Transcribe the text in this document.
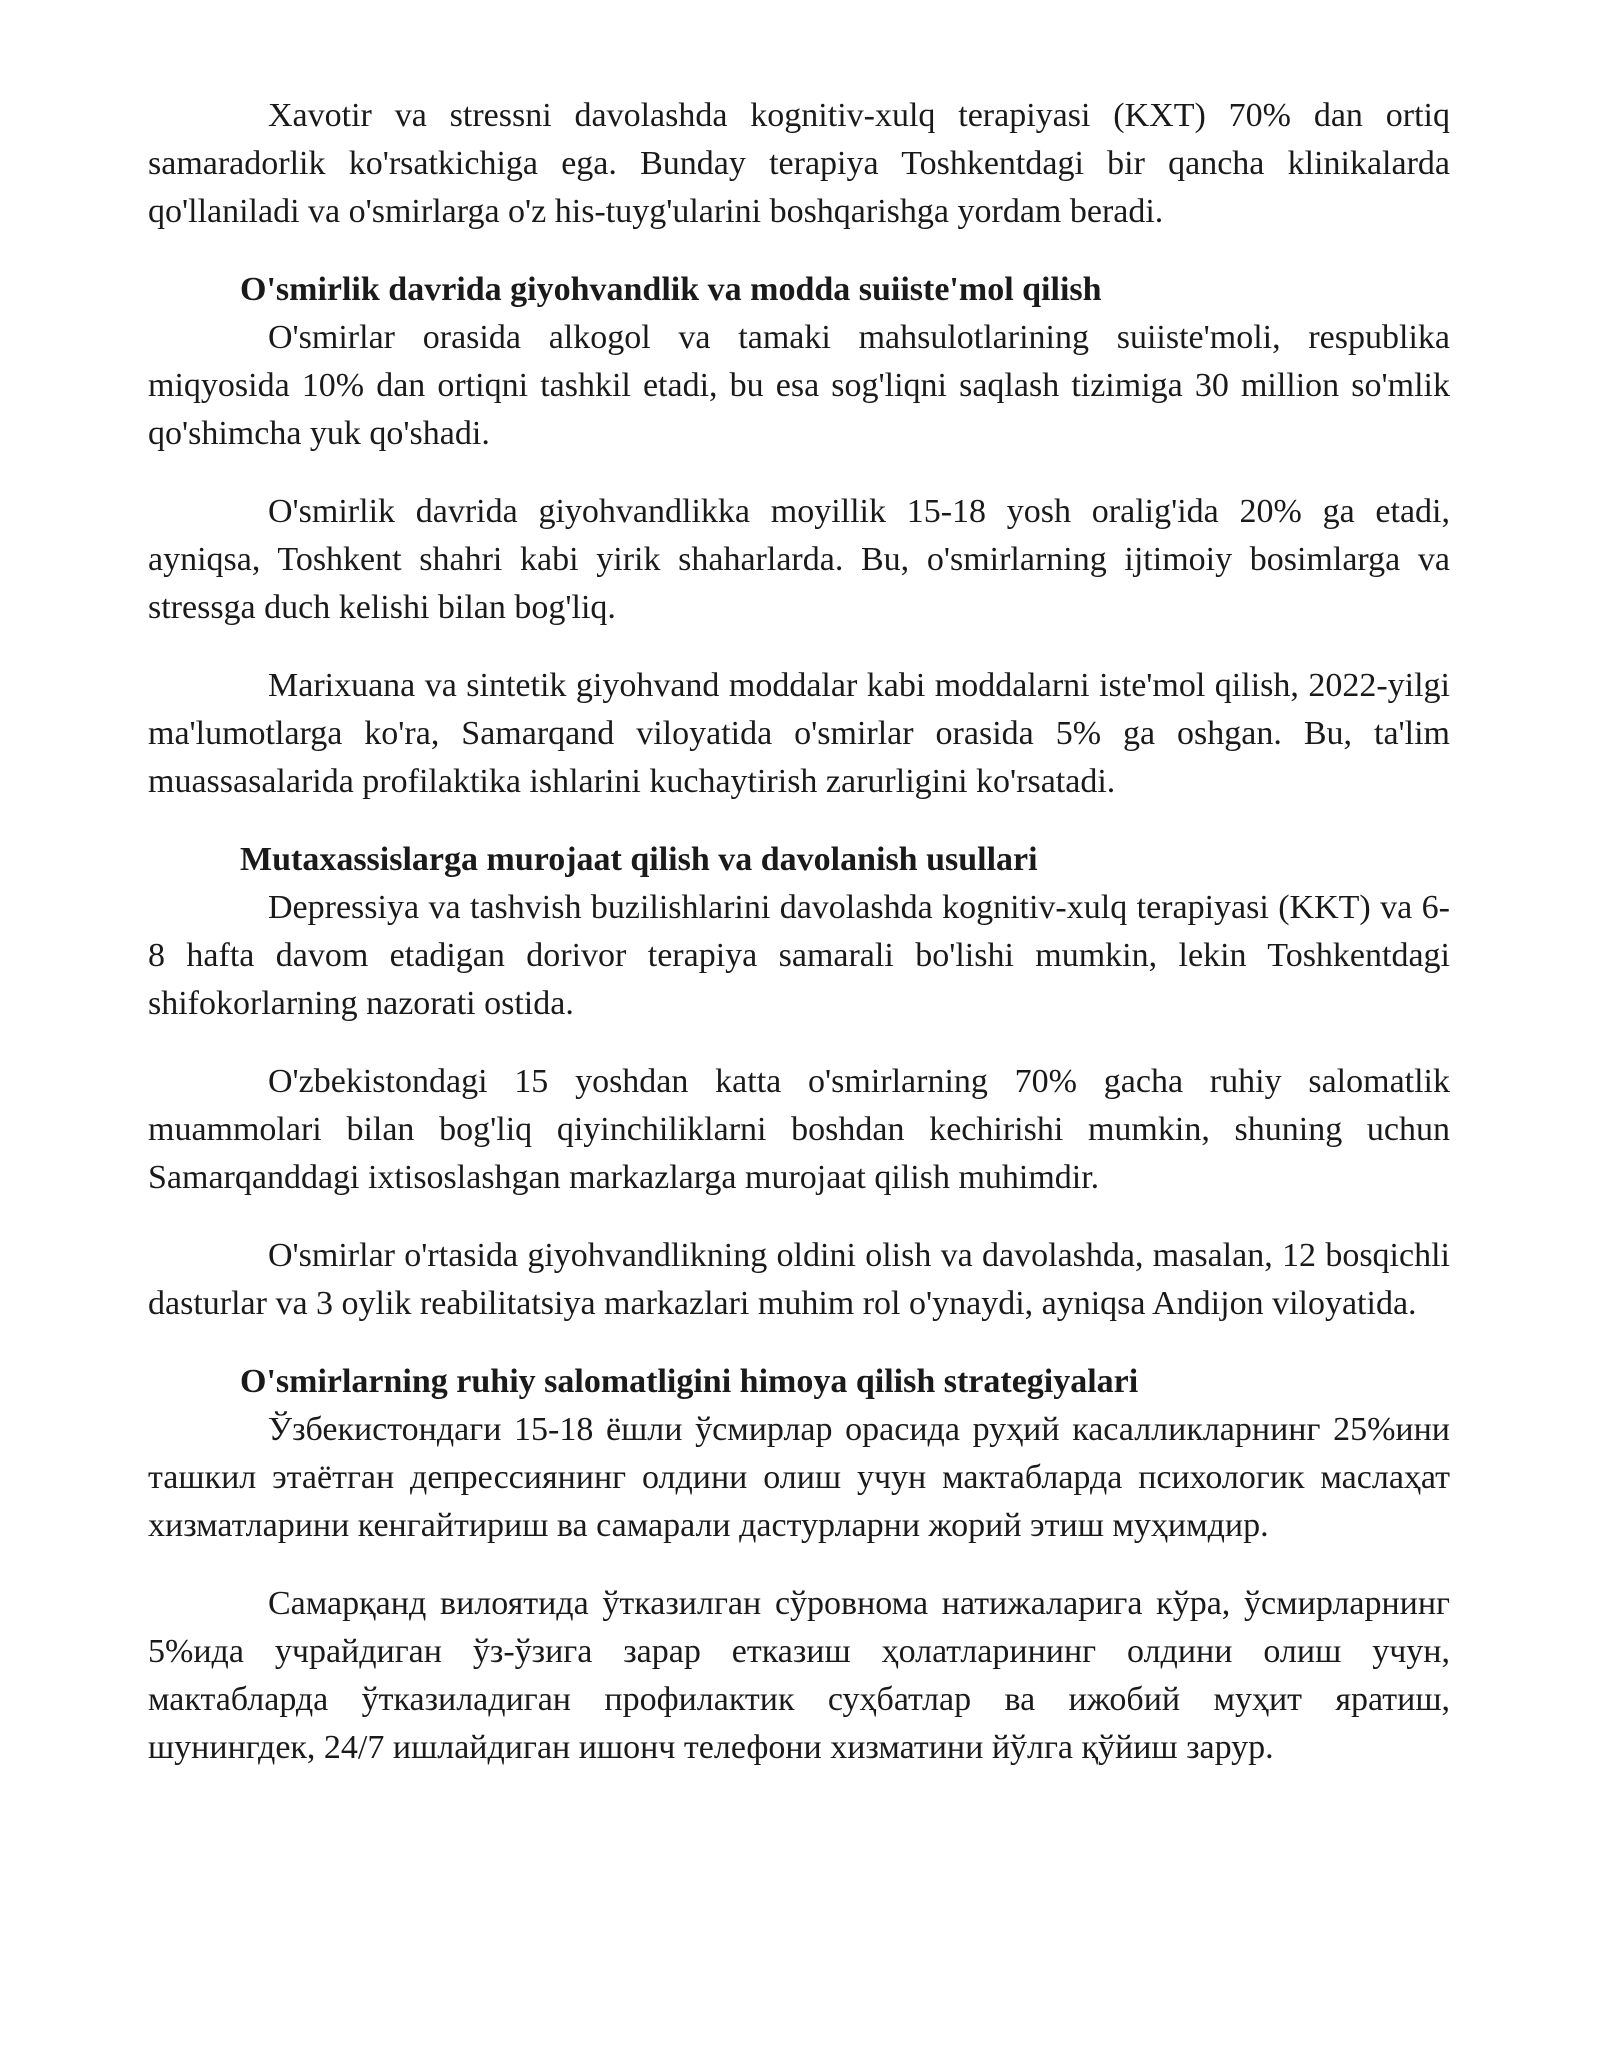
Xavotir va stressni davolashda kognitiv-xulq terapiyasi (KXT) 70% dan ortiq samaradorlik ko'rsatkichiga ega. Bunday terapiya Toshkentdagi bir qancha klinikalarda qo'llaniladi va o'smirlarga o'z his-tuyg'ularini boshqarishga yordam beradi.

O'smirlik davrida giyohvandlik va modda suiiste'mol qilish

O'smirlar orasida alkogol va tamaki mahsulotlarining suiiste'moli, respublika miqyosida 10% dan ortiqni tashkil etadi, bu esa sog'liqni saqlash tizimiga 30 million so'mlik qo'shimcha yuk qo'shadi.

O'smirlik davrida giyohvandlikka moyillik 15-18 yosh oralig'ida 20% ga etadi, ayniqsa, Toshkent shahri kabi yirik shaharlarda. Bu, o'smirlarning ijtimoiy bosimlarga va stressga duch kelishi bilan bog'liq.

Marixuana va sintetik giyohvand moddalar kabi moddalarni iste'mol qilish, 2022-yilgi ma'lumotlarga ko'ra, Samarqand viloyatida o'smirlar orasida 5% ga oshgan. Bu, ta'lim muassasalarida profilaktika ishlarini kuchaytirish zarurligini ko'rsatadi.

Mutaxassislarga murojaat qilish va davolanish usullari

Depressiya va tashvish buzilishlarini davolashda kognitiv-xulq terapiyasi (KKT) va 6-8 hafta davom etadigan dorivor terapiya samarali bo'lishi mumkin, lekin Toshkentdagi shifokorlarning nazorati ostida.

O'zbekistondagi 15 yoshdan katta o'smirlarning 70% gacha ruhiy salomatlik muammolari bilan bog'liq qiyinchiliklarni boshdan kechirishi mumkin, shuning uchun Samarqanddagi ixtisoslashgan markazlarga murojaat qilish muhimdir.

O'smirlar o'rtasida giyohvandlikning oldini olish va davolashda, masalan, 12 bosqichli dasturlar va 3 oylik reabilitatsiya markazlari muhim rol o'ynaydi, ayniqsa Andijon viloyatida.

O'smirlarning ruhiy salomatligini himoya qilish strategiyalari

Ўзбекистондаги 15-18 ёшли ўсмирлар орасида руҳий касалликларнинг 25%ини ташкил этаётган депрессиянинг олдини олиш учун мактабларда психологик маслаҳат хизматларини кенгайтириш ва самарали дастурларни жорий этиш муҳимдир.

Самарқанд вилоятида ўтказилган сўровнома натижаларига кўра, ўсмирларнинг 5%ида учрайдиган ўз-ўзига зарар етказиш ҳолатларининг олдини олиш учун, мактабларда ўтказиладиган профилактик суҳбатлар ва ижобий муҳит яратиш, шунингдек, 24/7 ишлайдиган ишонч телефони хизматини йўлга қўйиш зарур.
